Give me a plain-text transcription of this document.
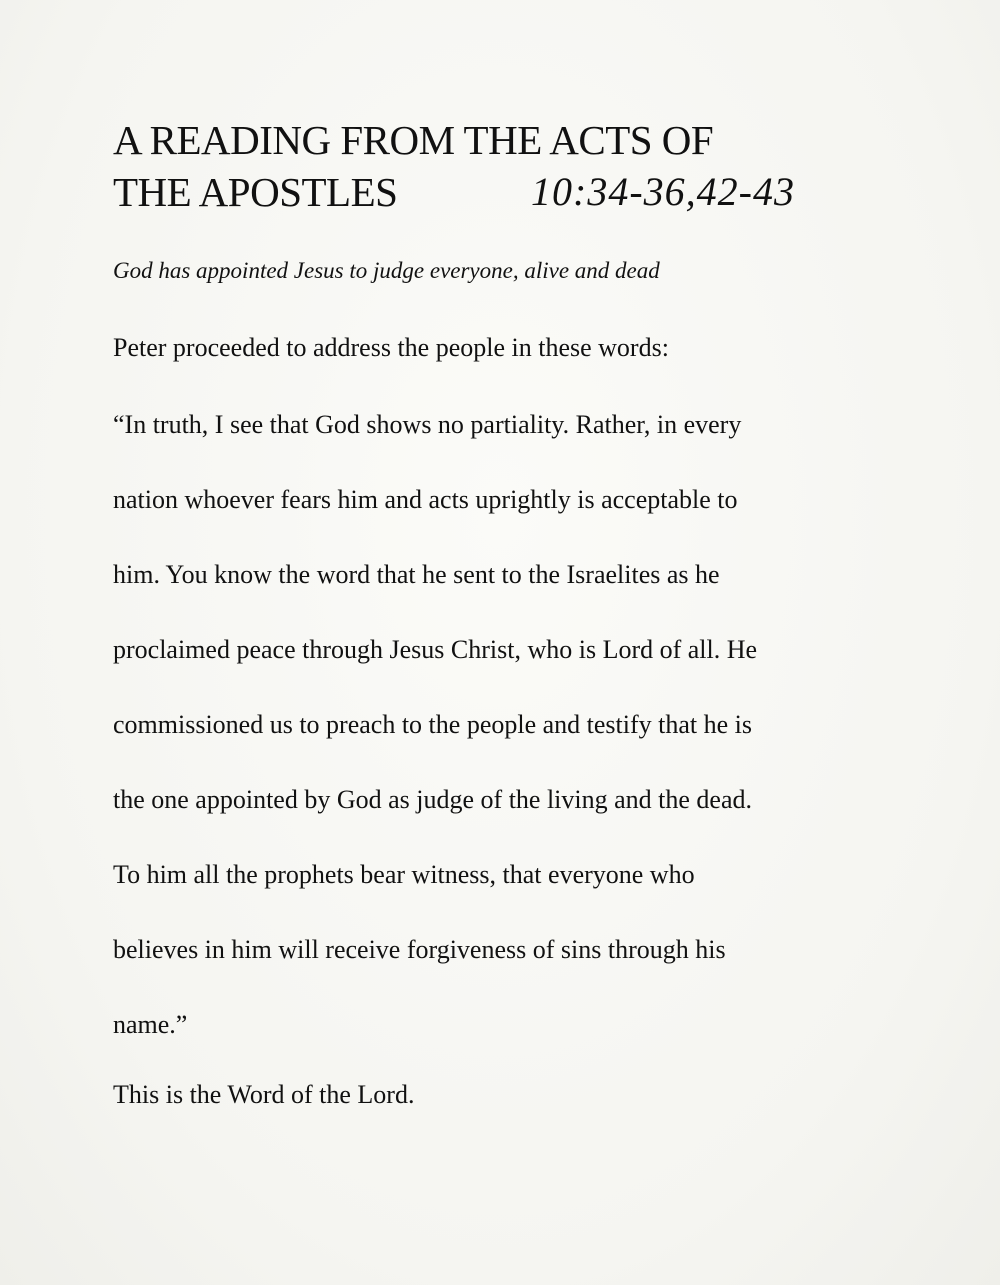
A READING FROM THE ACTS OF
THE APOSTLES	10:34-36,42-43
God has appointed Jesus to judge everyone, alive and dead
Peter proceeded to address the people in these words:
“In truth, I see that God shows no partiality. Rather, in every
nation whoever fears him and acts uprightly is acceptable to
him. You know the word that he sent to the Israelites as he
proclaimed peace through Jesus Christ, who is Lord of all. He
commissioned us to preach to the people and testify that he is
the one appointed by God as judge of the living and the dead.
To him all the prophets bear witness, that everyone who
believes in him will receive forgiveness of sins through his
name.”
This is the Word of the Lord.
